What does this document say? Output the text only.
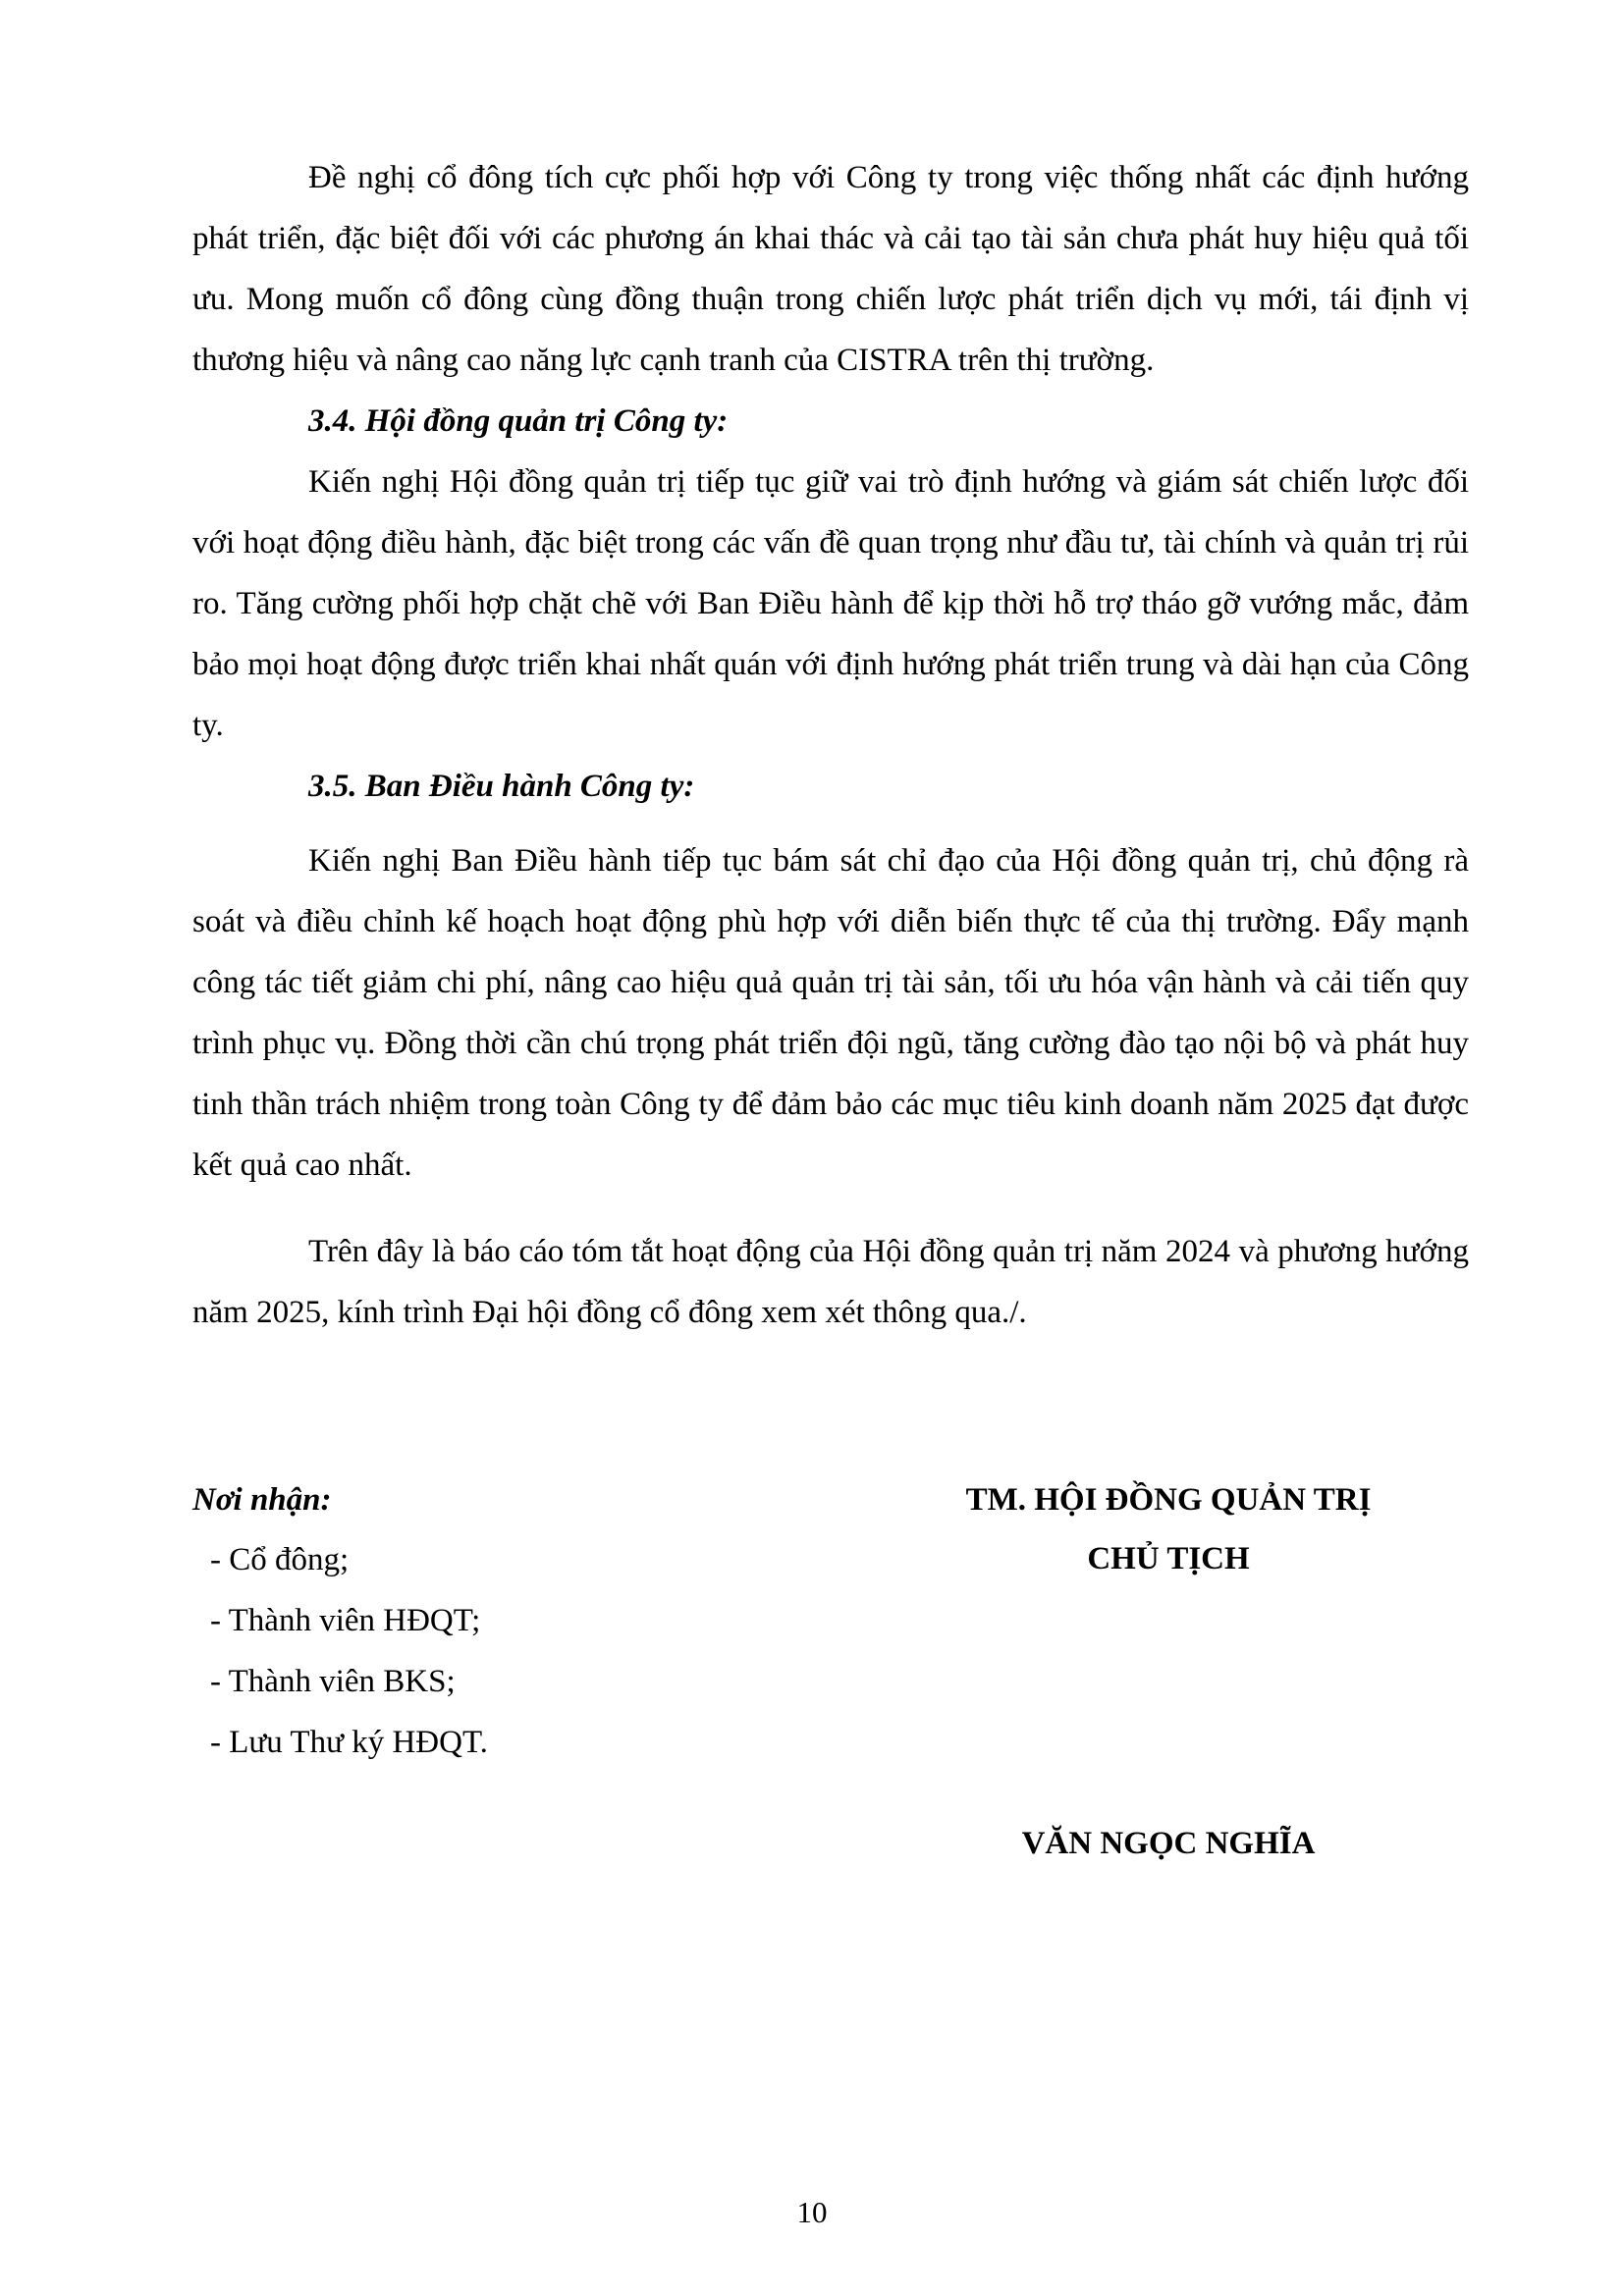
Đề nghị cổ đông tích cực phối hợp với Công ty trong việc thống nhất các định hướng phát triển, đặc biệt đối với các phương án khai thác và cải tạo tài sản chưa phát huy hiệu quả tối ưu. Mong muốn cổ đông cùng đồng thuận trong chiến lược phát triển dịch vụ mới, tái định vị thương hiệu và nâng cao năng lực cạnh tranh của CISTRA trên thị trường.

3.4. Hội đồng quản trị Công ty:

Kiến nghị Hội đồng quản trị tiếp tục giữ vai trò định hướng và giám sát chiến lược đối với hoạt động điều hành, đặc biệt trong các vấn đề quan trọng như đầu tư, tài chính và quản trị rủi ro. Tăng cường phối hợp chặt chẽ với Ban Điều hành để kịp thời hỗ trợ tháo gỡ vướng mắc, đảm bảo mọi hoạt động được triển khai nhất quán với định hướng phát triển trung và dài hạn của Công ty.

3.5. Ban Điều hành Công ty:

Kiến nghị Ban Điều hành tiếp tục bám sát chỉ đạo của Hội đồng quản trị, chủ động rà soát và điều chỉnh kế hoạch hoạt động phù hợp với diễn biến thực tế của thị trường. Đẩy mạnh công tác tiết giảm chi phí, nâng cao hiệu quả quản trị tài sản, tối ưu hóa vận hành và cải tiến quy trình phục vụ. Đồng thời cần chú trọng phát triển đội ngũ, tăng cường đào tạo nội bộ và phát huy tinh thần trách nhiệm trong toàn Công ty để đảm bảo các mục tiêu kinh doanh năm 2025 đạt được kết quả cao nhất.

Trên đây là báo cáo tóm tắt hoạt động của Hội đồng quản trị năm 2024 và phương hướng năm 2025, kính trình Đại hội đồng cổ đông xem xét thông qua./.

Nơi nhận:

- Cổ đông;
- Thành viên HĐQT;
- Thành viên BKS;
- Lưu Thư ký HĐQT.

TM. HỘI ĐỒNG QUẢN TRỊ

CHỦ TỊCH

VĂN NGỌC NGHĨA
10
